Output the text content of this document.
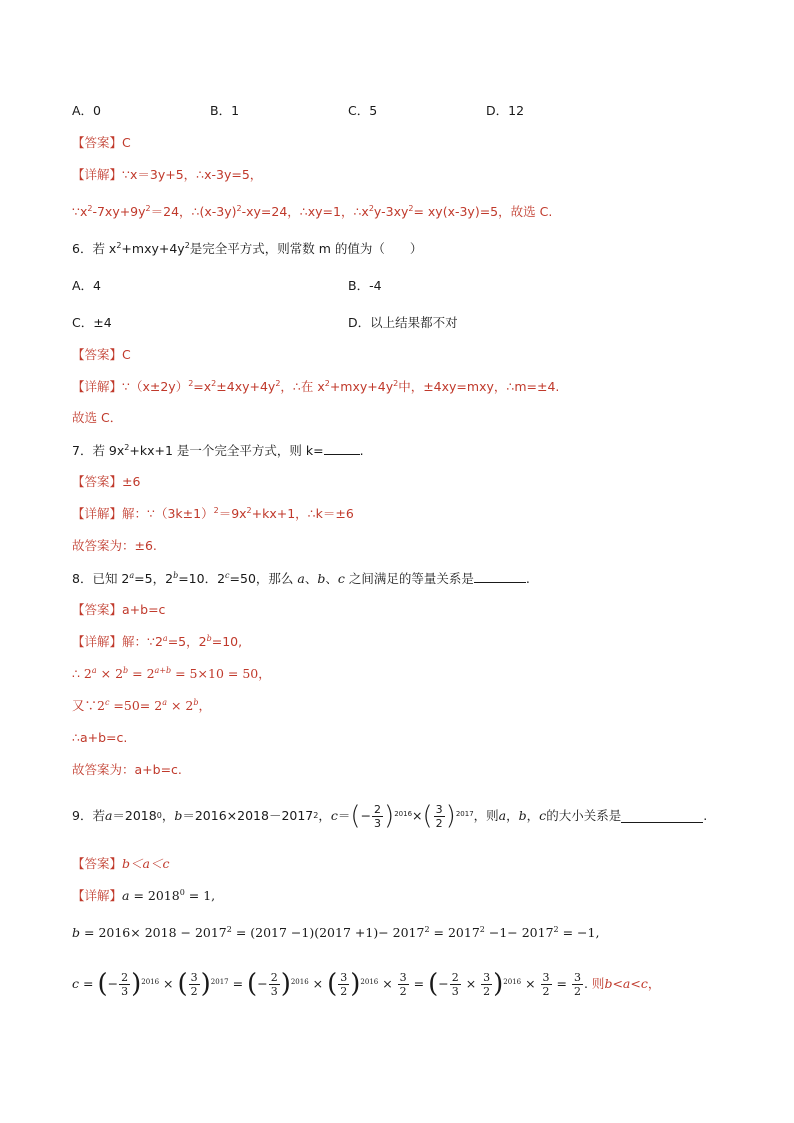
A．0	B．1	C．5	D．12
【答案】C
【详解】∵x＝3y+5，∴x-3y=5，
$\because x^2-7xy+9y^2=24$，$\therefore(x-3y)^2-xy=24$，∴xy=1，$\therefore x^2y-3xy^2= xy(x-3y)=5$，故选 C.
6．若 $x^2+mxy+4y^2$是完全平方式，则常数 m 的值为（　　）
A．4	B．-4
C．±4	D．以上结果都不对
【答案】C
【详解】$\because(x\pm 2y)^2=x^2\pm 4xy+4y^2$，∴在 $x^2+mxy+4y^2$中，±4xy=mxy，∴m=±4.
故选 C．
7．若 $9x^2+kx+1$ 是一个完全平方式，则 k=	.
【答案】±6
【详解】解：$\because(3k\pm 1)^2=9x^2+kx+1$，∴k＝±6
故答案为：±6.
8．已知 $2^a=5$，$2^b=10$．$2^c=50$，那么 a、b、c 之间满足的等量关系是	.
【答案】a+b=c
【详解】解：$\because 2^a=5$，$2^b=10$,
∴ $2^a \times 2^b = 2^{a+b} = 5\times 10 = 50$，
又$\because 2^c =50= 2^a \times 2^b$，
∴a+b=c.
故答案为：a+b=c.
9．若 a ＝2018 0 ， b ＝2016×2018－2017 2 ， c ＝ ( − $\frac{2}{3}$ ) 2016 × ( $\frac{3}{2}$ ) 2017 ，则 a ， b ， c 的大小关系是	.
【答案】b＜a＜c
【详解】$a = 2018^0 = 1$,
$b = 2016\times 2018 - 2017^2 = (2017 -1)(2017 +1)- 2017^2 = 2017^2 -1- 2017^2 = -1$,
c = ( − $\frac{2}{3}$ ) 2016 × ( $\frac{3}{2}$ ) 2017 = ( − $\frac{2}{3}$ ) 2016 × ( $\frac{3}{2}$ ) $2016 \times \frac{3}{2}$ = ( − $\frac{2}{3} \times \frac{3}{2}$ ) $2016 \times \frac{3}{2} = \frac{3}{2}$ . 则 b<a<c ，
